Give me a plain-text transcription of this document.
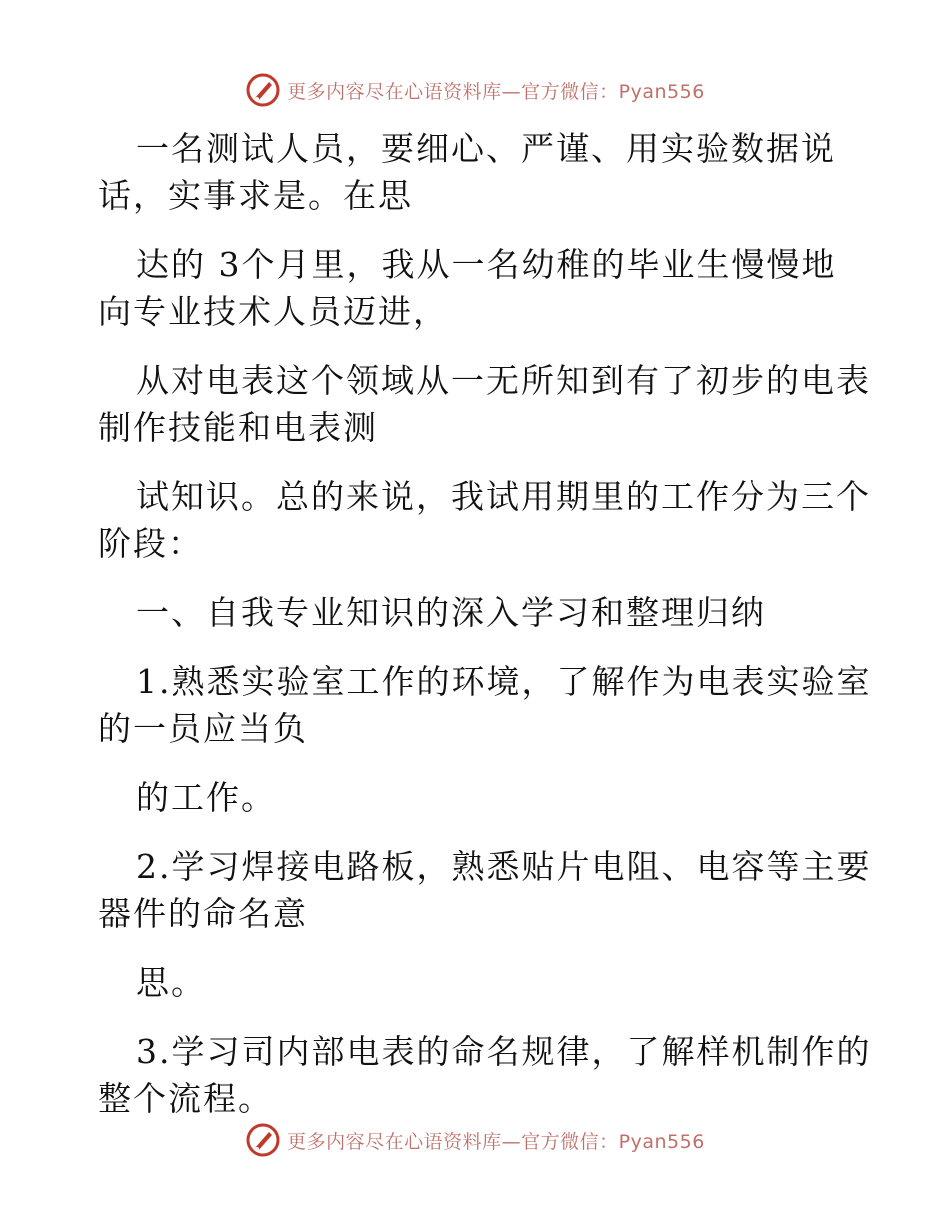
更多内容尽在心语资料库—官方微信：Pyan556
一名测试人员，要细心、严谨、用实验数据说
话，实事求是。在思
达的 3个月里，我从一名幼稚的毕业生慢慢地
向专业技术人员迈进，
从对电表这个领域从一无所知到有了初步的电表
制作技能和电表测
试知识。总的来说，我试用期里的工作分为三个
阶段：
一、自我专业知识的深入学习和整理归纳
1.熟悉实验室工作的环境，了解作为电表实验室
的一员应当负
的工作。
2.学习焊接电路板，熟悉贴片电阻、电容等主要
器件的命名意
思。
3.学习司内部电表的命名规律，了解样机制作的
整个流程。
更多内容尽在心语资料库—官方微信：Pyan556
